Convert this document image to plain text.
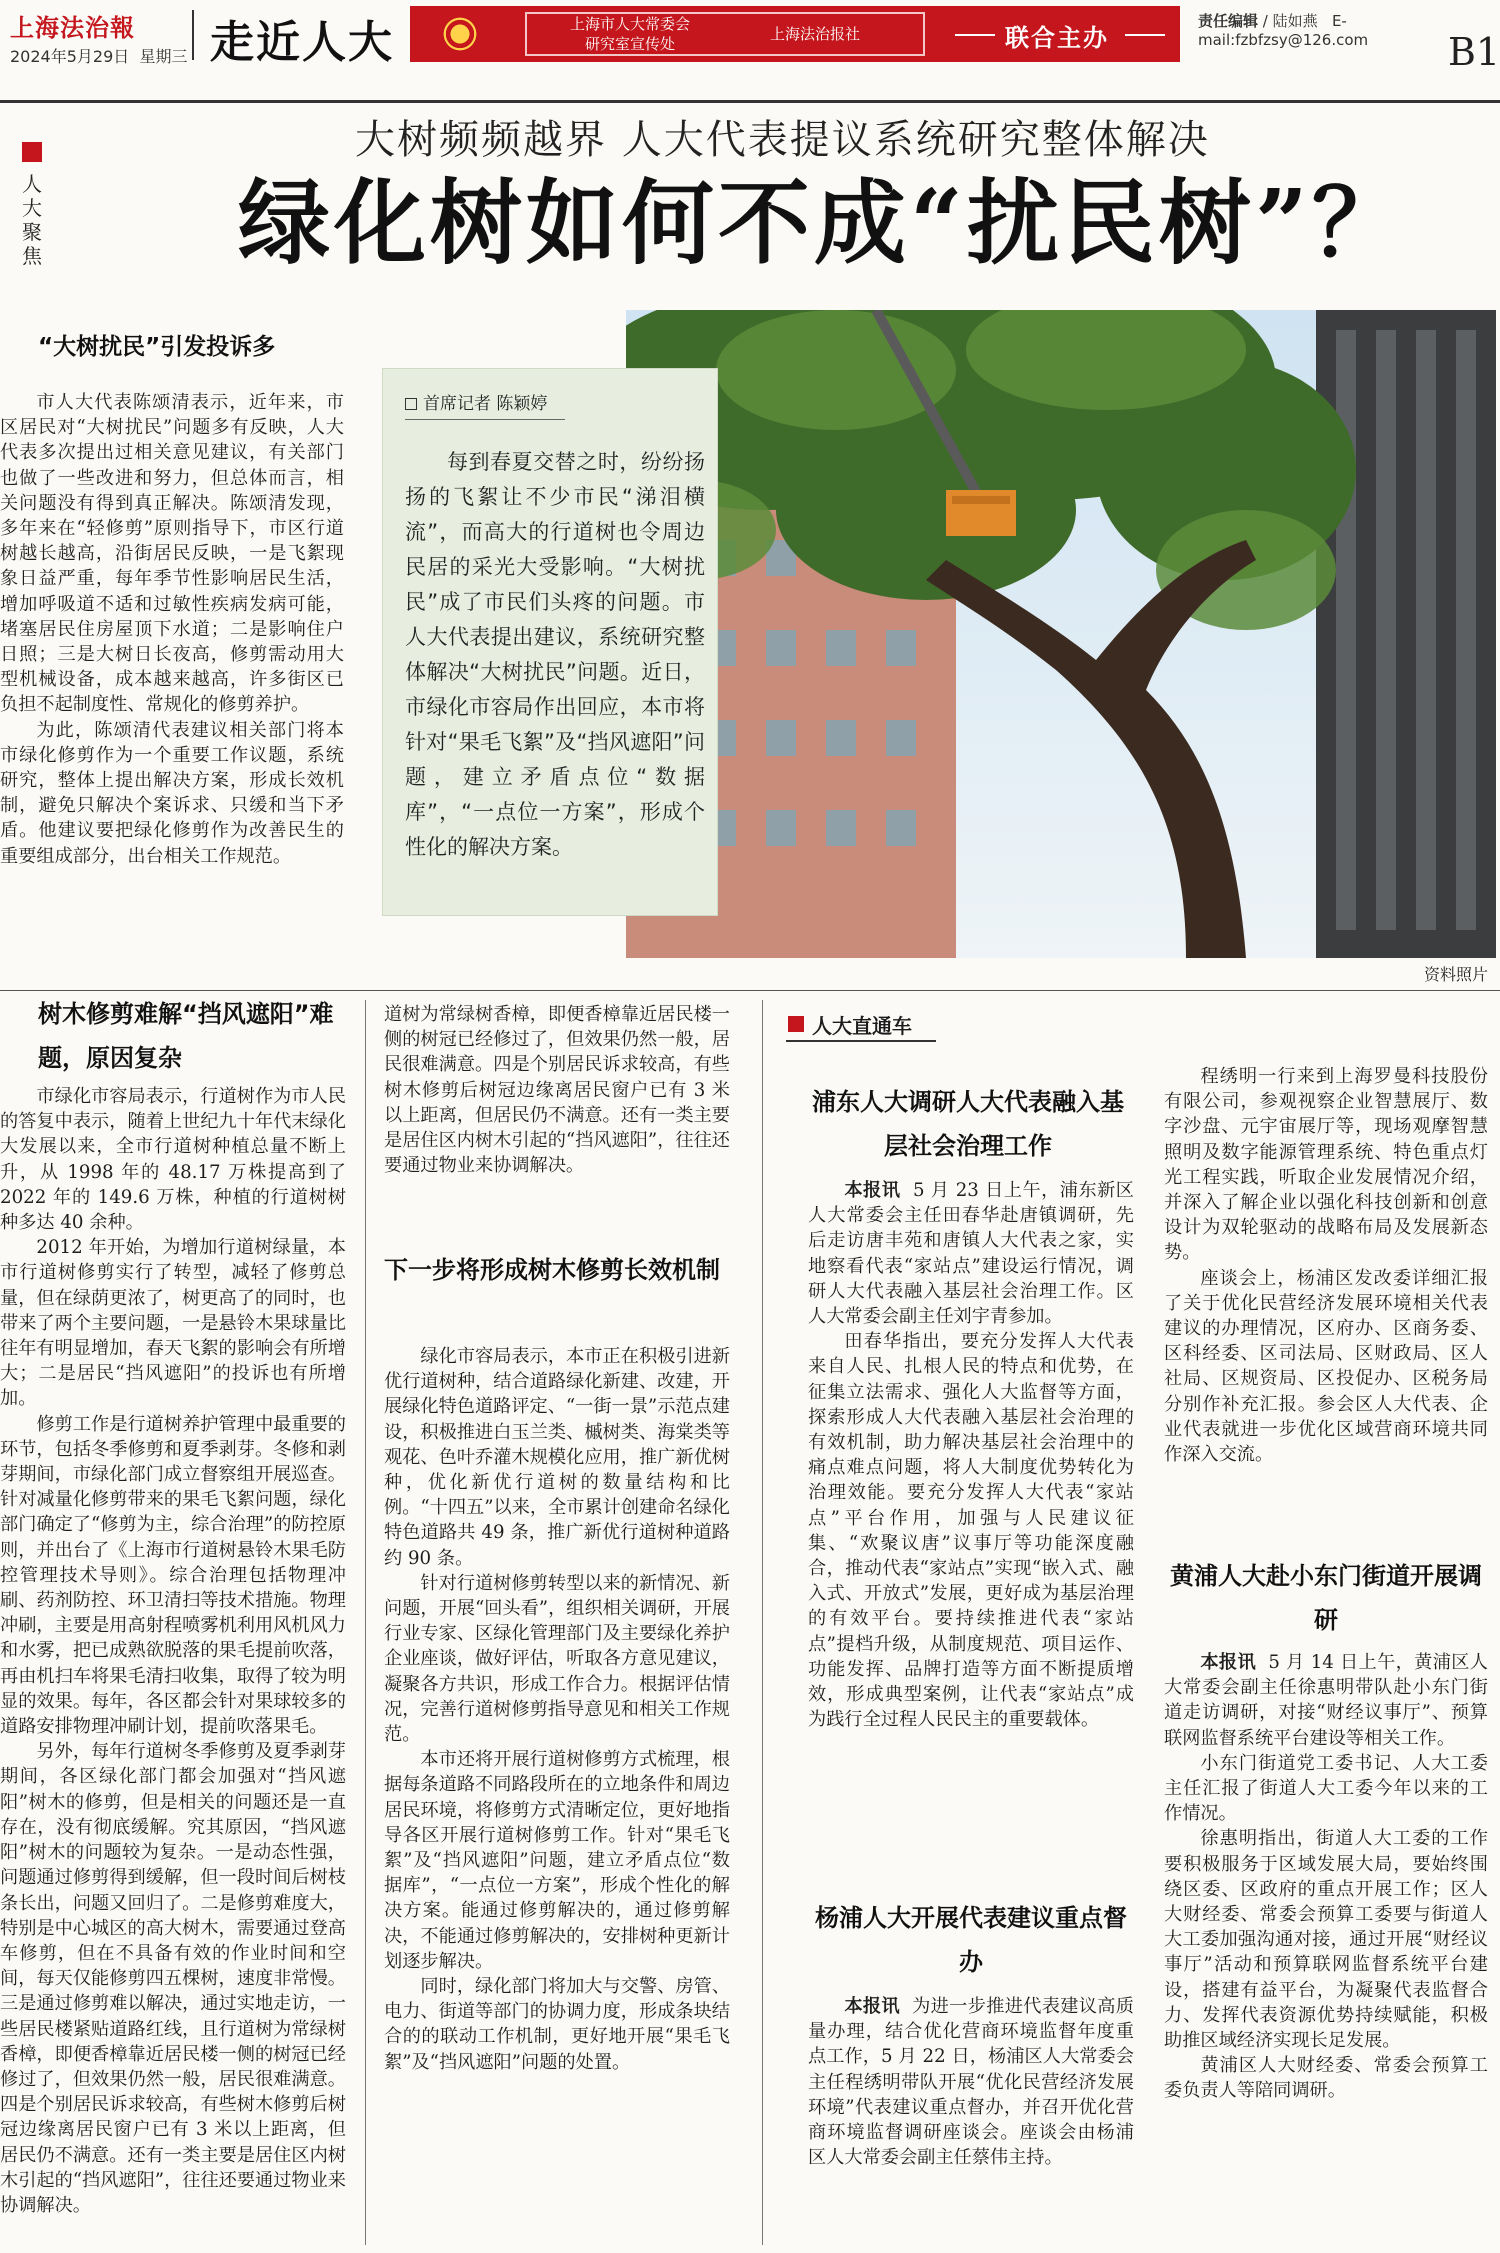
上海法治報
2024年5月29日 星期三 走近人大	上海市人大常委会
研究室宣传处
上海法治报社	联合主办
责任编辑 / 陆如燕 E-mail:fzbfzsy@126.com	B1
人
大
聚
焦
大树频频越界 人大代表提议系统研究整体解决
绿化树如何不成“扰民树”？
“大树扰民”引发投诉多

市人大代表陈颂清表示，近年来，市区居民对“大树扰民”问题多有反映，人大代表多次提出过相关意见建议，有关部门也做了一些改进和努力，但总体而言，相关问题没有得到真正解决。陈颂清发现，多年来在“轻修剪”原则指导下，市区行道树越长越高，沿街居民反映，一是飞絮现象日益严重，每年季节性影响居民生活，增加呼吸道不适和过敏性疾病发病可能，堵塞居民住房屋顶下水道；二是影响住户日照；三是大树日长夜高，修剪需动用大型机械设备，成本越来越高，许多街区已负担不起制度性、常规化的修剪养护。

为此，陈颂清代表建议相关部门将本市绿化修剪作为一个重要工作议题，系统研究，整体上提出解决方案，形成长效机制，避免只解决个案诉求、只缓和当下矛盾。他建议要把绿化修剪作为改善民生的重要组成部分，出台相关工作规范。

资料照片
首席记者 陈颖婷
每到春夏交替之时，纷纷扬扬的飞絮让不少市民“涕泪横流”，而高大的行道树也令周边民居的采光大受影响。“大树扰民”成了市民们头疼的问题。市人大代表提出建议，系统研究整体解决“大树扰民”问题。近日，市绿化市容局作出回应，本市将针对“果毛飞絮”及“挡风遮阳”问题，建立矛盾点位“数据库”，“一点位一方案”，形成个性化的解决方案。
树木修剪难解“挡风遮阳”难题，原因复杂

市绿化市容局表示，行道树作为市人民的答复中表示，随着上世纪九十年代末绿化大发展以来，全市行道树种植总量不断上升，从 1998 年的 48.17 万株提高到了 2022 年的 149.6 万株，种植的行道树树种多达 40 余种。

2012 年开始，为增加行道树绿量，本市行道树修剪实行了转型，减轻了修剪总量，但在绿荫更浓了，树更高了的同时，也带来了两个主要问题，一是悬铃木果球量比往年有明显增加，春天飞絮的影响会有所增大；二是居民“挡风遮阳”的投诉也有所增加。

修剪工作是行道树养护管理中最重要的环节，包括冬季修剪和夏季剥芽。冬修和剥芽期间，市绿化部门成立督察组开展巡查。针对减量化修剪带来的果毛飞絮问题，绿化部门确定了“修剪为主，综合治理”的防控原则，并出台了《上海市行道树悬铃木果毛防控管理技术导则》。综合治理包括物理冲刷、药剂防控、环卫清扫等技术措施。物理冲刷，主要是用高射程喷雾机利用风机风力和水雾，把已成熟欲脱落的果毛提前吹落，再由机扫车将果毛清扫收集，取得了较为明显的效果。每年，各区都会针对果球较多的道路安排物理冲刷计划，提前吹落果毛。

另外，每年行道树冬季修剪及夏季剥芽期间，各区绿化部门都会加强对“挡风遮阳”树木的修剪，但是相关的问题还是一直存在，没有彻底缓解。究其原因，“挡风遮阳”树木的问题较为复杂。一是动态性强，问题通过修剪得到缓解，但一段时间后树枝条长出，问题又回归了。二是修剪难度大，特别是中心城区的高大树木，需要通过登高车修剪，但在不具备有效的作业时间和空间，每天仅能修剪四五棵树，速度非常慢。三是通过修剪难以解决，通过实地走访，一些居民楼紧贴道路红线，且行道树为常绿树香樟，即便香樟靠近居民楼一侧的树冠已经修过了，但效果仍然一般，居民很难满意。四是个别居民诉求较高，有些树木修剪后树冠边缘离居民窗户已有 3 米以上距离，但居民仍不满意。还有一类主要是居住区内树木引起的“挡风遮阳”，往往还要通过物业来协调解决。

道树为常绿树香樟，即便香樟靠近居民楼一侧的树冠已经修过了，但效果仍然一般，居民很难满意。四是个别居民诉求较高，有些树木修剪后树冠边缘离居民窗户已有 3 米以上距离，但居民仍不满意。还有一类主要是居住区内树木引起的“挡风遮阳”，往往还要通过物业来协调解决。

下一步将形成树木修剪长效机制

绿化市容局表示，本市正在积极引进新优行道树种，结合道路绿化新建、改建，开展绿化特色道路评定、“一街一景”示范点建设，积极推进白玉兰类、槭树类、海棠类等观花、色叶乔灌木规模化应用，推广新优树种，优化新优行道树的数量结构和比例。“十四五”以来，全市累计创建命名绿化特色道路共 49 条，推广新优行道树种道路约 90 条。

针对行道树修剪转型以来的新情况、新问题，开展“回头看”，组织相关调研，开展行业专家、区绿化管理部门及主要绿化养护企业座谈，做好评估，听取各方意见建议，凝聚各方共识，形成工作合力。根据评估情况，完善行道树修剪指导意见和相关工作规范。

本市还将开展行道树修剪方式梳理，根据每条道路不同路段所在的立地条件和周边居民环境，将修剪方式清晰定位，更好地指导各区开展行道树修剪工作。针对“果毛飞絮”及“挡风遮阳”问题，建立矛盾点位“数据库”，“一点位一方案”，形成个性化的解决方案。能通过修剪解决的，通过修剪解决，不能通过修剪解决的，安排树种更新计划逐步解决。

同时，绿化部门将加大与交警、房管、电力、街道等部门的协调力度，形成条块结合的的联动工作机制，更好地开展“果毛飞絮”及“挡风遮阳”问题的处置。

人大直通车
浦东人大调研人大代表融入基层社会治理工作

本报讯 5 月 23 日上午，浦东新区人大常委会主任田春华赴唐镇调研，先后走访唐丰苑和唐镇人大代表之家，实地察看代表“家站点”建设运行情况，调研人大代表融入基层社会治理工作。区人大常委会副主任刘宇青参加。

田春华指出，要充分发挥人大代表来自人民、扎根人民的特点和优势，在征集立法需求、强化人大监督等方面，探索形成人大代表融入基层社会治理的有效机制，助力解决基层社会治理中的痛点难点问题，将人大制度优势转化为治理效能。要充分发挥人大代表“家站点”平台作用，加强与人民建议征集、“欢聚议唐”议事厅等功能深度融合，推动代表“家站点”实现“嵌入式、融入式、开放式”发展，更好成为基层治理的有效平台。要持续推进代表“家站点”提档升级，从制度规范、项目运作、功能发挥、品牌打造等方面不断提质增效，形成典型案例，让代表“家站点”成为践行全过程人民民主的重要载体。

杨浦人大开展代表建议重点督办

本报讯 为进一步推进代表建议高质量办理，结合优化营商环境监督年度重点工作，5 月 22 日，杨浦区人大常委会主任程绣明带队开展“优化民营经济发展环境”代表建议重点督办，并召开优化营商环境监督调研座谈会。座谈会由杨浦区人大常委会副主任蔡伟主持。

程绣明一行来到上海罗曼科技股份有限公司，参观视察企业智慧展厅、数字沙盘、元宇宙展厅等，现场观摩智慧照明及数字能源管理系统、特色重点灯光工程实践，听取企业发展情况介绍，并深入了解企业以强化科技创新和创意设计为双轮驱动的战略布局及发展新态势。

座谈会上，杨浦区发改委详细汇报了关于优化民营经济发展环境相关代表建议的办理情况，区府办、区商务委、区科经委、区司法局、区财政局、区人社局、区规资局、区投促办、区税务局分别作补充汇报。参会区人大代表、企业代表就进一步优化区域营商环境共同作深入交流。

黄浦人大赴小东门街道开展调研

本报讯 5 月 14 日上午，黄浦区人大常委会副主任徐惠明带队赴小东门街道走访调研，对接“财经议事厅”、预算联网监督系统平台建设等相关工作。

小东门街道党工委书记、人大工委主任汇报了街道人大工委今年以来的工作情况。

徐惠明指出，街道人大工委的工作要积极服务于区域发展大局，要始终围绕区委、区政府的重点开展工作；区人大财经委、常委会预算工委要与街道人大工委加强沟通对接，通过开展“财经议事厅”活动和预算联网监督系统平台建设，搭建有益平台，为凝聚代表监督合力、发挥代表资源优势持续赋能，积极助推区域经济实现长足发展。

黄浦区人大财经委、常委会预算工委负责人等陪同调研。
